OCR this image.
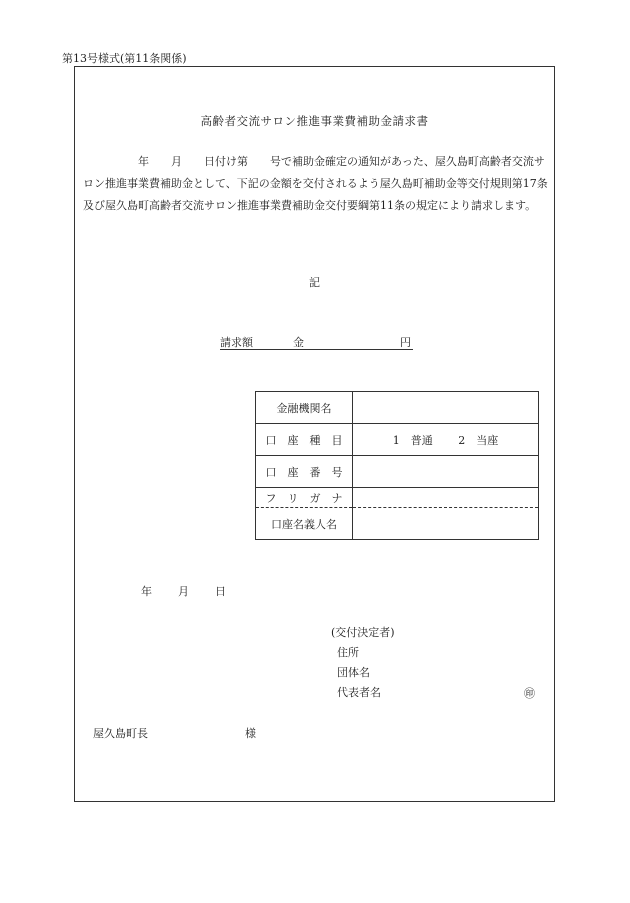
第13号様式(第11条関係)
高齢者交流サロン推進事業費補助金請求書
　　　　　年　　月　　日付け第　　号で補助金確定の通知があった、屋久島町高齢者交流サロン推進事業費補助金として、下記の金額を交付されるよう屋久島町補助金等交付規則第17条及び屋久島町高齢者交流サロン推進事業費補助金交付要綱第11条の規定により請求します。
記
請求額	金	円
金融機関名	
口　座　種　目	1　普通　　 2　当座
口　座　番　号	
フ　リ　ガ　ナ	
口座名義人名	
年 月 日
(交付決定者)
住所
団体名
代表者名	㊞
屋久島町長	様
